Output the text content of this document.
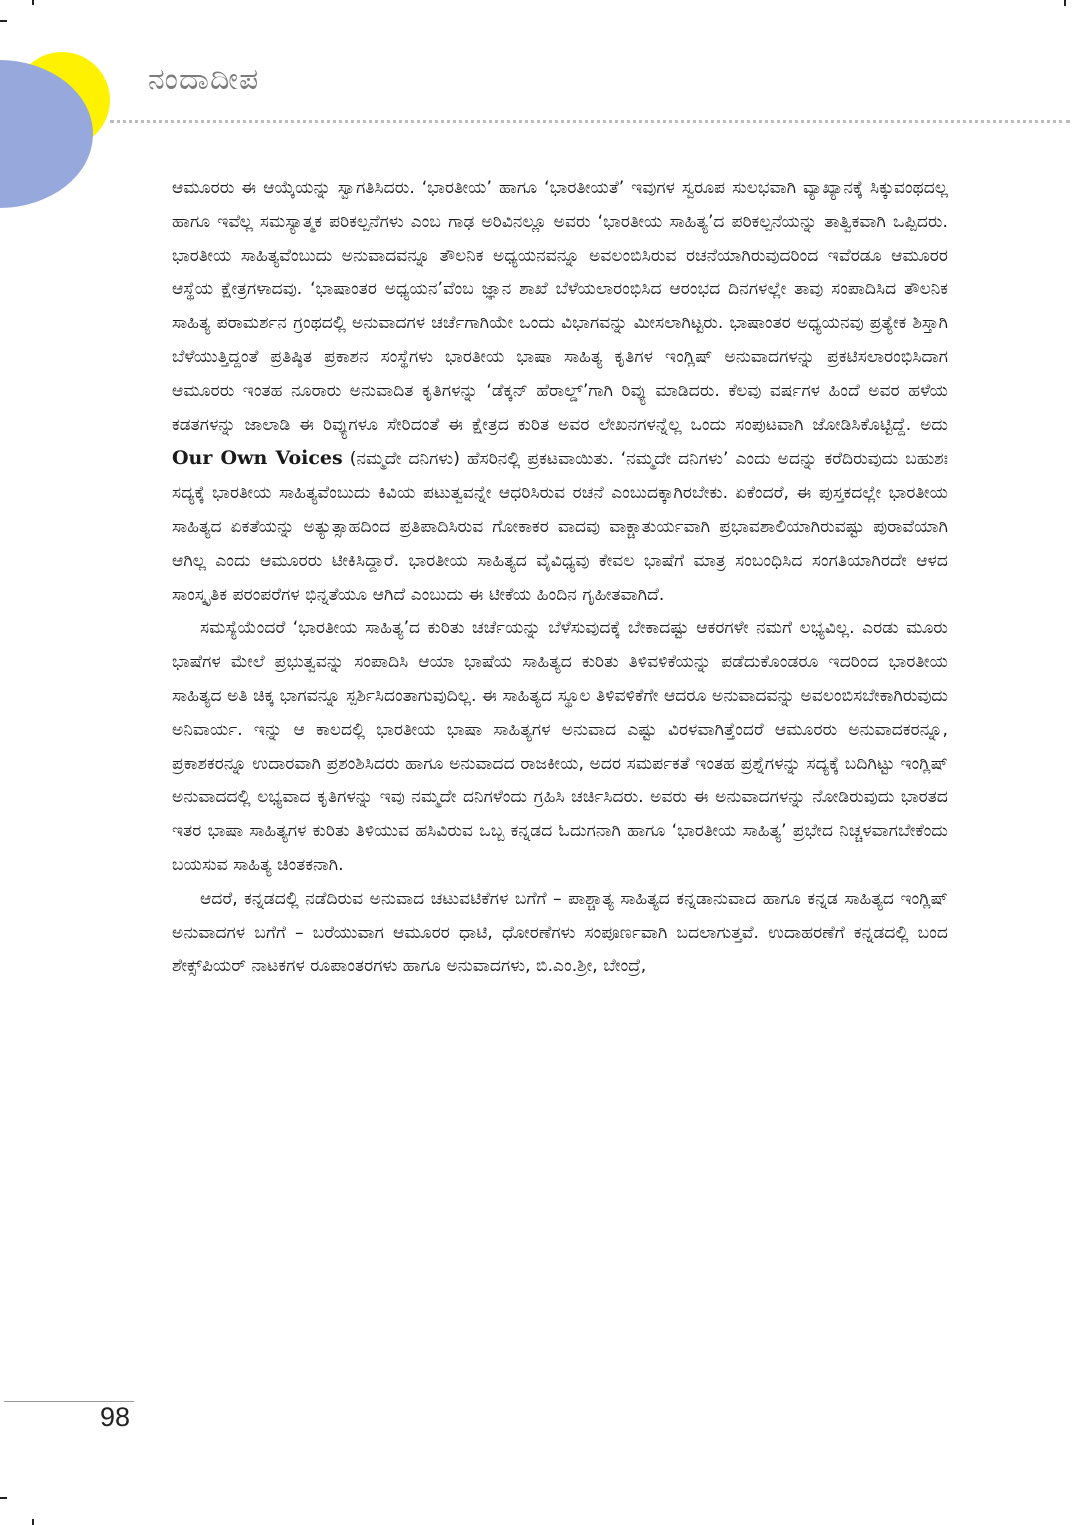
ನಂದಾದೀಪ

ಆಮೂರರು ಈ ಆಯ್ಕೆಯನ್ನು ಸ್ವಾಗತಿಸಿದರು. ‘ಭಾರತೀಯ’ ಹಾಗೂ ‘ಭಾರತೀಯತೆ’ ಇವುಗಳ ಸ್ವರೂಪ ಸುಲಭವಾಗಿ ವ್ಯಾಖ್ಯಾನಕ್ಕೆ ಸಿಕ್ಕುವಂಥದಲ್ಲ ಹಾಗೂ ಇವೆಲ್ಲ ಸಮಸ್ಯಾತ್ಮಕ ಪರಿಕಲ್ಪನೆಗಳು ಎಂಬ ಗಾಢ ಅರಿವಿನಲ್ಲೂ ಅವರು ‘ಭಾರತೀಯ ಸಾಹಿತ್ಯ’ದ ಪರಿಕಲ್ಪನೆಯನ್ನು ತಾತ್ವಿಕವಾಗಿ ಒಪ್ಪಿದರು. ಭಾರತೀಯ ಸಾಹಿತ್ಯವೆಂಬುದು ಅನುವಾದವನ್ನೂ ತೌಲನಿಕ ಅಧ್ಯಯನವನ್ನೂ ಅವಲಂಬಿಸಿರುವ ರಚನೆಯಾಗಿರುವುದರಿಂದ ಇವೆರಡೂ ಆಮೂರರ ಆಸ್ಥೆಯ ಕ್ಷೇತ್ರಗಳಾದವು. ‘ಭಾಷಾಂತರ ಅಧ್ಯಯನ’ವೆಂಬ ಜ್ಞಾನ ಶಾಖೆ ಬೆಳೆಯಲಾರಂಭಿಸಿದ ಆರಂಭದ ದಿನಗಳಲ್ಲೇ ತಾವು ಸಂಪಾದಿಸಿದ ತೌಲನಿಕ ಸಾಹಿತ್ಯ ಪರಾಮರ್ಶನ ಗ್ರಂಥದಲ್ಲಿ ಅನುವಾದಗಳ ಚರ್ಚೆಗಾಗಿಯೇ ಒಂದು ವಿಭಾಗವನ್ನು ಮೀಸಲಾಗಿಟ್ಟರು. ಭಾಷಾಂತರ ಅಧ್ಯಯನವು ಪ್ರತ್ಯೇಕ ಶಿಸ್ತಾಗಿ ಬೆಳೆಯುತ್ತಿದ್ದಂತೆ ಪ್ರತಿಷ್ಠಿತ ಪ್ರಕಾಶನ ಸಂಸ್ಥೆಗಳು ಭಾರತೀಯ ಭಾಷಾ ಸಾಹಿತ್ಯ ಕೃತಿಗಳ ಇಂಗ್ಲಿಷ್ ಅನುವಾದಗಳನ್ನು ಪ್ರಕಟಿಸಲಾರಂಭಿಸಿದಾಗ ಆಮೂರರು ಇಂತಹ ನೂರಾರು ಅನುವಾದಿತ ಕೃತಿಗಳನ್ನು ‘ಡೆಕ್ಕನ್ ಹೆರಾಲ್ಡ್’ಗಾಗಿ ರಿವ್ಯು ಮಾಡಿದರು. ಕೆಲವು ವರ್ಷಗಳ ಹಿಂದೆ ಅವರ ಹಳೆಯ ಕಡತಗಳನ್ನು ಜಾಲಾಡಿ ಈ ರಿವ್ಯುಗಳೂ ಸೇರಿದಂತೆ ಈ ಕ್ಷೇತ್ರದ ಕುರಿತ ಅವರ ಲೇಖನಗಳನ್ನೆಲ್ಲ ಒಂದು ಸಂಪುಟವಾಗಿ ಜೋಡಿಸಿಕೊಟ್ಟಿದ್ದೆ. ಅದು Our Own Voices (ನಮ್ಮದೇ ದನಿಗಳು) ಹೆಸರಿನಲ್ಲಿ ಪ್ರಕಟವಾಯಿತು. ‘ನಮ್ಮದೇ ದನಿಗಳು’ ಎಂದು ಅದನ್ನು ಕರೆದಿರುವುದು ಬಹುಶಃ ಸದ್ಯಕ್ಕೆ ಭಾರತೀಯ ಸಾಹಿತ್ಯವೆಂಬುದು ಕಿವಿಯ ಪಟುತ್ವವನ್ನೇ ಆಧರಿಸಿರುವ ರಚನೆ ಎಂಬುದಕ್ಕಾಗಿರಬೇಕು. ಏಕೆಂದರೆ, ಈ ಪುಸ್ತಕದಲ್ಲೇ ಭಾರತೀಯ ಸಾಹಿತ್ಯದ ಏಕತೆಯನ್ನು ಅತ್ಯುತ್ಸಾಹದಿಂದ ಪ್ರತಿಪಾದಿಸಿರುವ ಗೋಕಾಕರ ವಾದವು ವಾಕ್ಚಾತುರ್ಯವಾಗಿ ಪ್ರಭಾವಶಾಲಿಯಾಗಿರುವಷ್ಟು ಪುರಾವೆಯಾಗಿ ಆಗಿಲ್ಲ ಎಂದು ಆಮೂರರು ಟೀಕಿಸಿದ್ದಾರೆ. ಭಾರತೀಯ ಸಾಹಿತ್ಯದ ವೈವಿಧ್ಯವು ಕೇವಲ ಭಾಷೆಗೆ ಮಾತ್ರ ಸಂಬಂಧಿಸಿದ ಸಂಗತಿಯಾಗಿರದೇ ಆಳದ ಸಾಂಸ್ಕೃತಿಕ ಪರಂಪರೆಗಳ ಭಿನ್ನತೆಯೂ ಆಗಿದೆ ಎಂಬುದು ಈ ಟೀಕೆಯ ಹಿಂದಿನ ಗೃಹೀತವಾಗಿದೆ.

ಸಮಸ್ಯೆಯೆಂದರೆ ‘ಭಾರತೀಯ ಸಾಹಿತ್ಯ’ದ ಕುರಿತು ಚರ್ಚೆಯನ್ನು ಬೆಳೆಸುವುದಕ್ಕೆ ಬೇಕಾದಷ್ಟು ಆಕರಗಳೇ ನಮಗೆ ಲಭ್ಯವಿಲ್ಲ. ಎರಡು ಮೂರು ಭಾಷೆಗಳ ಮೇಲೆ ಪ್ರಭುತ್ವವನ್ನು ಸಂಪಾದಿಸಿ ಆಯಾ ಭಾಷೆಯ ಸಾಹಿತ್ಯದ ಕುರಿತು ತಿಳಿವಳಿಕೆಯನ್ನು ಪಡೆದುಕೊಂಡರೂ ಇದರಿಂದ ಭಾರತೀಯ ಸಾಹಿತ್ಯದ ಅತಿ ಚಿಕ್ಕ ಭಾಗವನ್ನೂ ಸ್ಪರ್ಶಿಸಿದಂತಾಗುವುದಿಲ್ಲ. ಈ ಸಾಹಿತ್ಯದ ಸ್ಥೂಲ ತಿಳಿವಳಿಕೆಗೇ ಆದರೂ ಅನುವಾದವನ್ನು ಅವಲಂಬಿಸಬೇಕಾಗಿರುವುದು ಅನಿವಾರ್ಯ. ಇನ್ನು ಆ ಕಾಲದಲ್ಲಿ ಭಾರತೀಯ ಭಾಷಾ ಸಾಹಿತ್ಯಗಳ ಅನುವಾದ ಎಷ್ಟು ವಿರಳವಾಗಿತ್ತೆಂದರೆ ಆಮೂರರು ಅನುವಾದಕರನ್ನೂ, ಪ್ರಕಾಶಕರನ್ನೂ ಉದಾರವಾಗಿ ಪ್ರಶಂಶಿಸಿದರು ಹಾಗೂ ಅನುವಾದದ ರಾಜಕೀಯ, ಅದರ ಸಮರ್ಪಕತೆ ಇಂತಹ ಪ್ರಶ್ನೆಗಳನ್ನು ಸದ್ಯಕ್ಕೆ ಬದಿಗಿಟ್ಟು ಇಂಗ್ಲಿಷ್ ಅನುವಾದದಲ್ಲಿ ಲಭ್ಯವಾದ ಕೃತಿಗಳನ್ನು ಇವು ನಮ್ಮದೇ ದನಿಗಳೆಂದು ಗ್ರಹಿಸಿ ಚರ್ಚಿಸಿದರು. ಅವರು ಈ ಅನುವಾದಗಳನ್ನು ನೋಡಿರುವುದು ಭಾರತದ ಇತರ ಭಾಷಾ ಸಾಹಿತ್ಯಗಳ ಕುರಿತು ತಿಳಿಯುವ ಹಸಿವಿರುವ ಒಬ್ಬ ಕನ್ನಡದ ಓದುಗನಾಗಿ ಹಾಗೂ ‘ಭಾರತೀಯ ಸಾಹಿತ್ಯ’ ಪ್ರಭೇದ ನಿಚ್ಚಳವಾಗಬೇಕೆಂದು ಬಯಸುವ ಸಾಹಿತ್ಯ ಚಿಂತಕನಾಗಿ.

ಆದರೆ, ಕನ್ನಡದಲ್ಲಿ ನಡೆದಿರುವ ಅನುವಾದ ಚಟುವಟಿಕೆಗಳ ಬಗೆಗೆ – ಪಾಶ್ಚಾತ್ಯ ಸಾಹಿತ್ಯದ ಕನ್ನಡಾನುವಾದ ಹಾಗೂ ಕನ್ನಡ ಸಾಹಿತ್ಯದ ಇಂಗ್ಲಿಷ್ ಅನುವಾದಗಳ ಬಗೆಗೆ – ಬರೆಯುವಾಗ ಆಮೂರರ ಧಾಟಿ, ಧೋರಣೆಗಳು ಸಂಪೂರ್ಣವಾಗಿ ಬದಲಾಗುತ್ತವೆ. ಉದಾಹರಣೆಗೆ ಕನ್ನಡದಲ್ಲಿ ಬಂದ ಶೇಕ್ಸ್‌ಪಿಯರ್ ನಾಟಕಗಳ ರೂಪಾಂತರಗಳು ಹಾಗೂ ಅನುವಾದಗಳು, ಬಿ.ಎಂ.ಶ್ರೀ, ಬೇಂದ್ರೆ,

98
